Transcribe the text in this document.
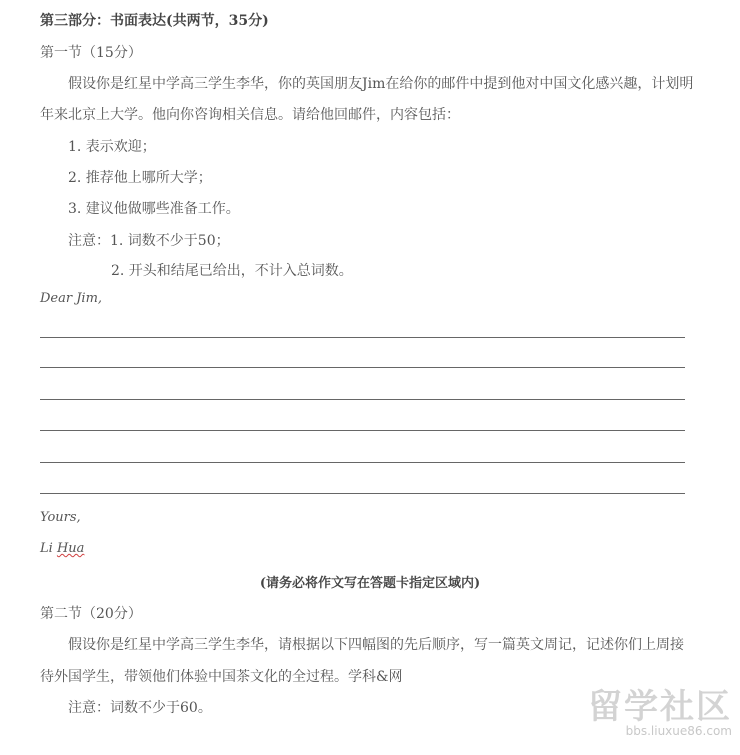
第三部分：书面表达(共两节，35分)
第一节（15分）
假设你是红星中学高三学生李华，你的英国朋友Jim在给你的邮件中提到他对中国文化感兴趣，计划明
年来北京上大学。他向你咨询相关信息。请给他回邮件，内容包括：
1. 表示欢迎；
2. 推荐他上哪所大学；
3. 建议他做哪些准备工作。
注意：1. 词数不少于50；
2. 开头和结尾已给出，不计入总词数。
Dear Jim,
Yours,
Li Hua
(请务必将作文写在答题卡指定区域内)
第二节（20分）
假设你是红星中学高三学生李华，请根据以下四幅图的先后顺序，写一篇英文周记，记述你们上周接
待外国学生，带领他们体验中国茶文化的全过程。学科&网
注意：词数不少于60。	留学社区
bbs.liuxue86.com
